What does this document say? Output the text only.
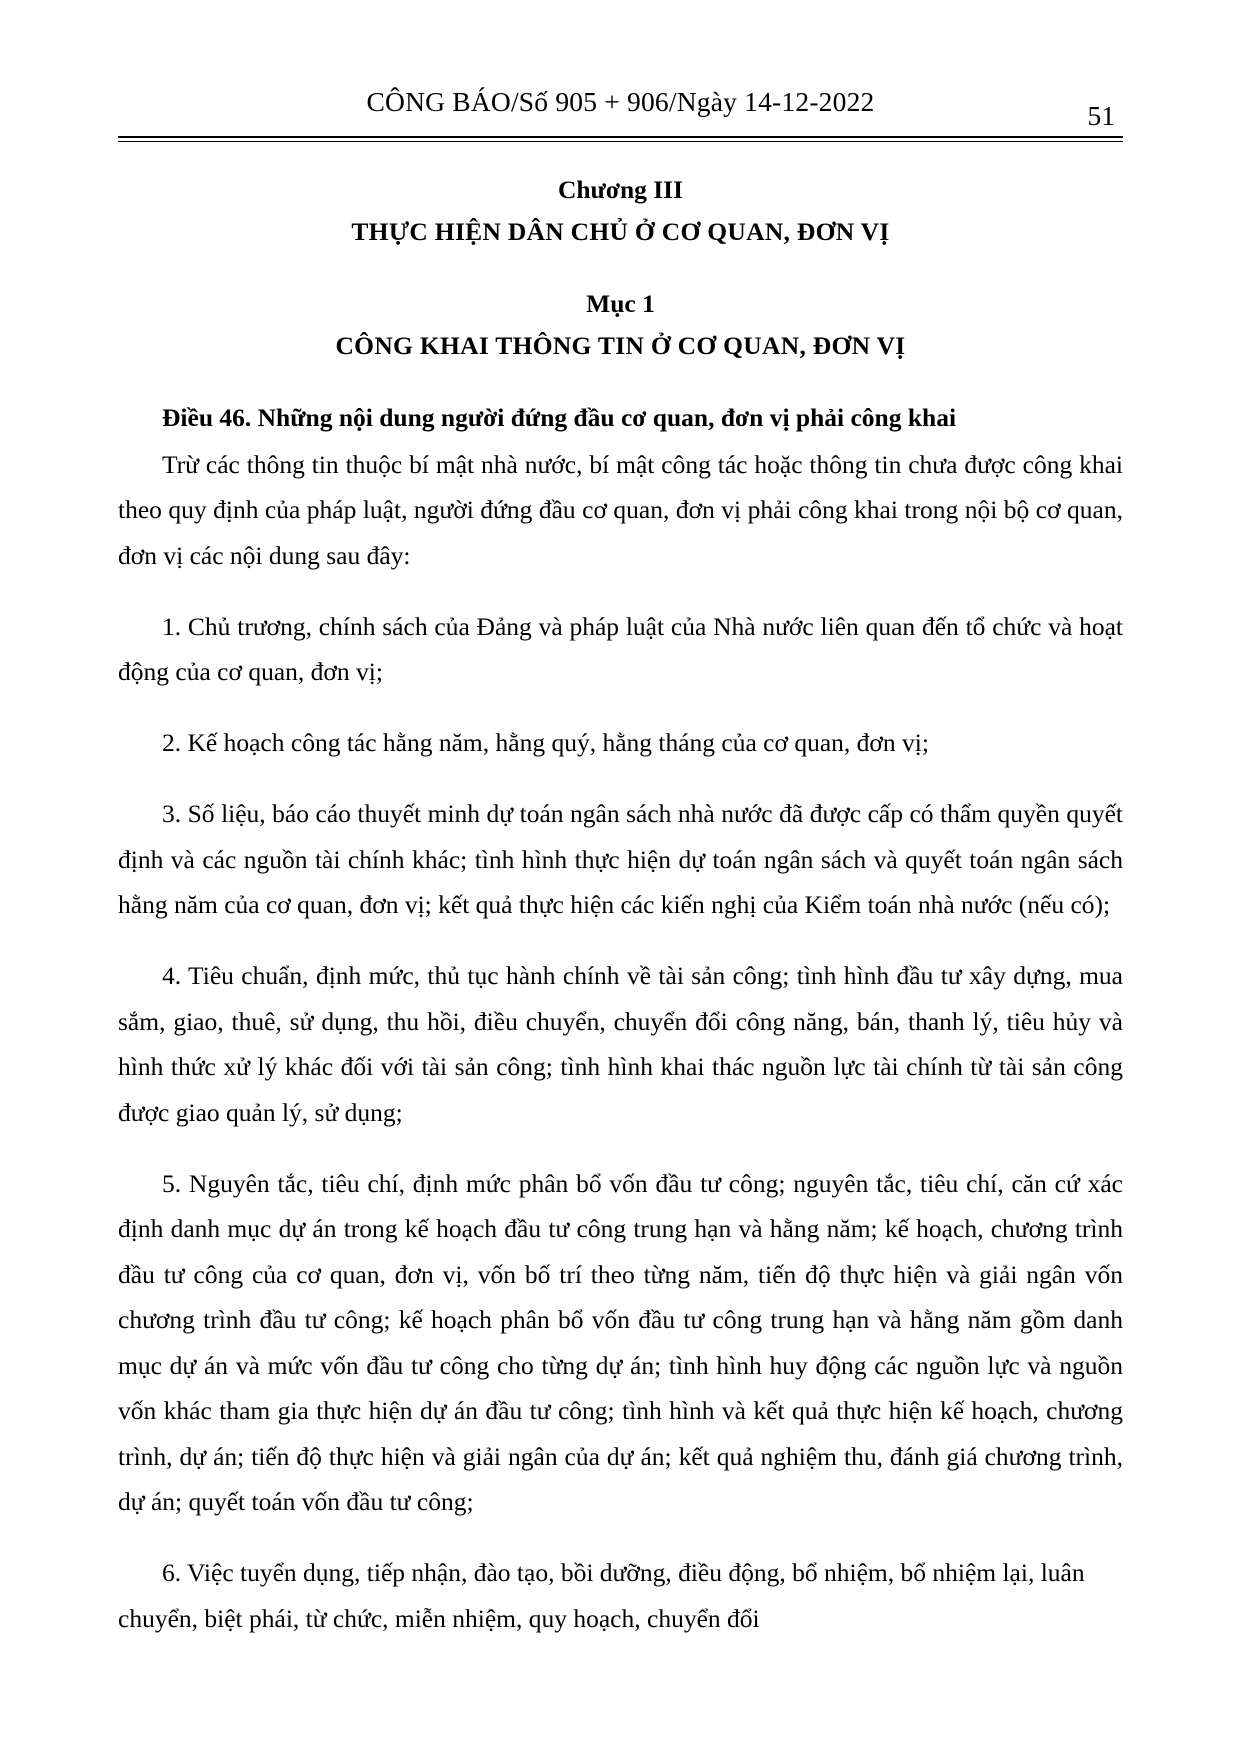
CÔNG BÁO/Số 905 + 906/Ngày 14-12-2022	51
Chương III
THỰC HIỆN DÂN CHỦ Ở CƠ QUAN, ĐƠN VỊ
Mục 1
CÔNG KHAI THÔNG TIN Ở CƠ QUAN, ĐƠN VỊ
Điều 46. Những nội dung người đứng đầu cơ quan, đơn vị phải công khai

Trừ các thông tin thuộc bí mật nhà nước, bí mật công tác hoặc thông tin chưa được công khai theo quy định của pháp luật, người đứng đầu cơ quan, đơn vị phải công khai trong nội bộ cơ quan, đơn vị các nội dung sau đây:

1. Chủ trương, chính sách của Đảng và pháp luật của Nhà nước liên quan đến tổ chức và hoạt động của cơ quan, đơn vị;

2. Kế hoạch công tác hằng năm, hằng quý, hằng tháng của cơ quan, đơn vị;

3. Số liệu, báo cáo thuyết minh dự toán ngân sách nhà nước đã được cấp có thẩm quyền quyết định và các nguồn tài chính khác; tình hình thực hiện dự toán ngân sách và quyết toán ngân sách hằng năm của cơ quan, đơn vị; kết quả thực hiện các kiến nghị của Kiểm toán nhà nước (nếu có);

4. Tiêu chuẩn, định mức, thủ tục hành chính về tài sản công; tình hình đầu tư xây dựng, mua sắm, giao, thuê, sử dụng, thu hồi, điều chuyển, chuyển đổi công năng, bán, thanh lý, tiêu hủy và hình thức xử lý khác đối với tài sản công; tình hình khai thác nguồn lực tài chính từ tài sản công được giao quản lý, sử dụng;

5. Nguyên tắc, tiêu chí, định mức phân bổ vốn đầu tư công; nguyên tắc, tiêu chí, căn cứ xác định danh mục dự án trong kế hoạch đầu tư công trung hạn và hằng năm; kế hoạch, chương trình đầu tư công của cơ quan, đơn vị, vốn bố trí theo từng năm, tiến độ thực hiện và giải ngân vốn chương trình đầu tư công; kế hoạch phân bổ vốn đầu tư công trung hạn và hằng năm gồm danh mục dự án và mức vốn đầu tư công cho từng dự án; tình hình huy động các nguồn lực và nguồn vốn khác tham gia thực hiện dự án đầu tư công; tình hình và kết quả thực hiện kế hoạch, chương trình, dự án; tiến độ thực hiện và giải ngân của dự án; kết quả nghiệm thu, đánh giá chương trình, dự án; quyết toán vốn đầu tư công;

6. Việc tuyển dụng, tiếp nhận, đào tạo, bồi dưỡng, điều động, bổ nhiệm, bổ nhiệm lại, luân chuyển, biệt phái, từ chức, miễn nhiệm, quy hoạch, chuyển đổi
